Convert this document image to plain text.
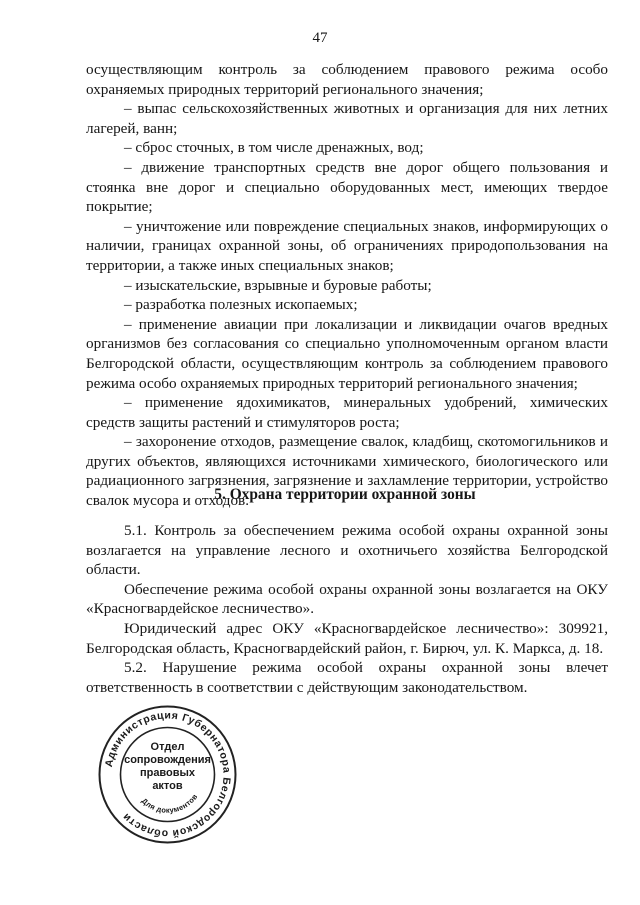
47

осуществляющим контроль за соблюдением правового режима особо охраняемых природных территорий регионального значения;

– выпас сельскохозяйственных животных и организация для них летних лагерей, ванн;

– сброс сточных, в том числе дренажных, вод;

– движение транспортных средств вне дорог общего пользования и стоянка вне дорог и специально оборудованных мест, имеющих твердое покрытие;

– уничтожение или повреждение специальных знаков, информирующих о наличии, границах охранной зоны, об ограничениях природопользования на территории, а также иных специальных знаков;

– изыскательские, взрывные и буровые работы;

– разработка полезных ископаемых;

– применение авиации при локализации и ликвидации очагов вредных организмов без согласования со специально уполномоченным органом власти Белгородской области, осуществляющим контроль за соблюдением правового режима особо охраняемых природных территорий регионального значения;

– применение ядохимикатов, минеральных удобрений, химических средств защиты растений и стимуляторов роста;

– захоронение отходов, размещение свалок, кладбищ, скотомогильников и других объектов, являющихся источниками химического, биологического или радиационного загрязнения, загрязнение и захламление территории, устройство свалок мусора и отходов.

5. Охрана территории охранной зоны

5.1. Контроль за обеспечением режима особой охраны охранной зоны возлагается на управление лесного и охотничьего хозяйства Белгородской области.

Обеспечение режима особой охраны охранной зоны возлагается на ОКУ «Красногвардейское лесничество».

Юридический адрес ОКУ «Красногвардейское лесничество»: 309921, Белгородская область, Красногвардейский район, г. Бирюч, ул. К. Маркса, д. 18.

5.2. Нарушение режима особой охраны охранной зоны влечет ответственность в соответствии с действующим законодательством.

Администрация Губернатора Белгородской области
Для документов
Отдел
сопровождения
правовых
актов
